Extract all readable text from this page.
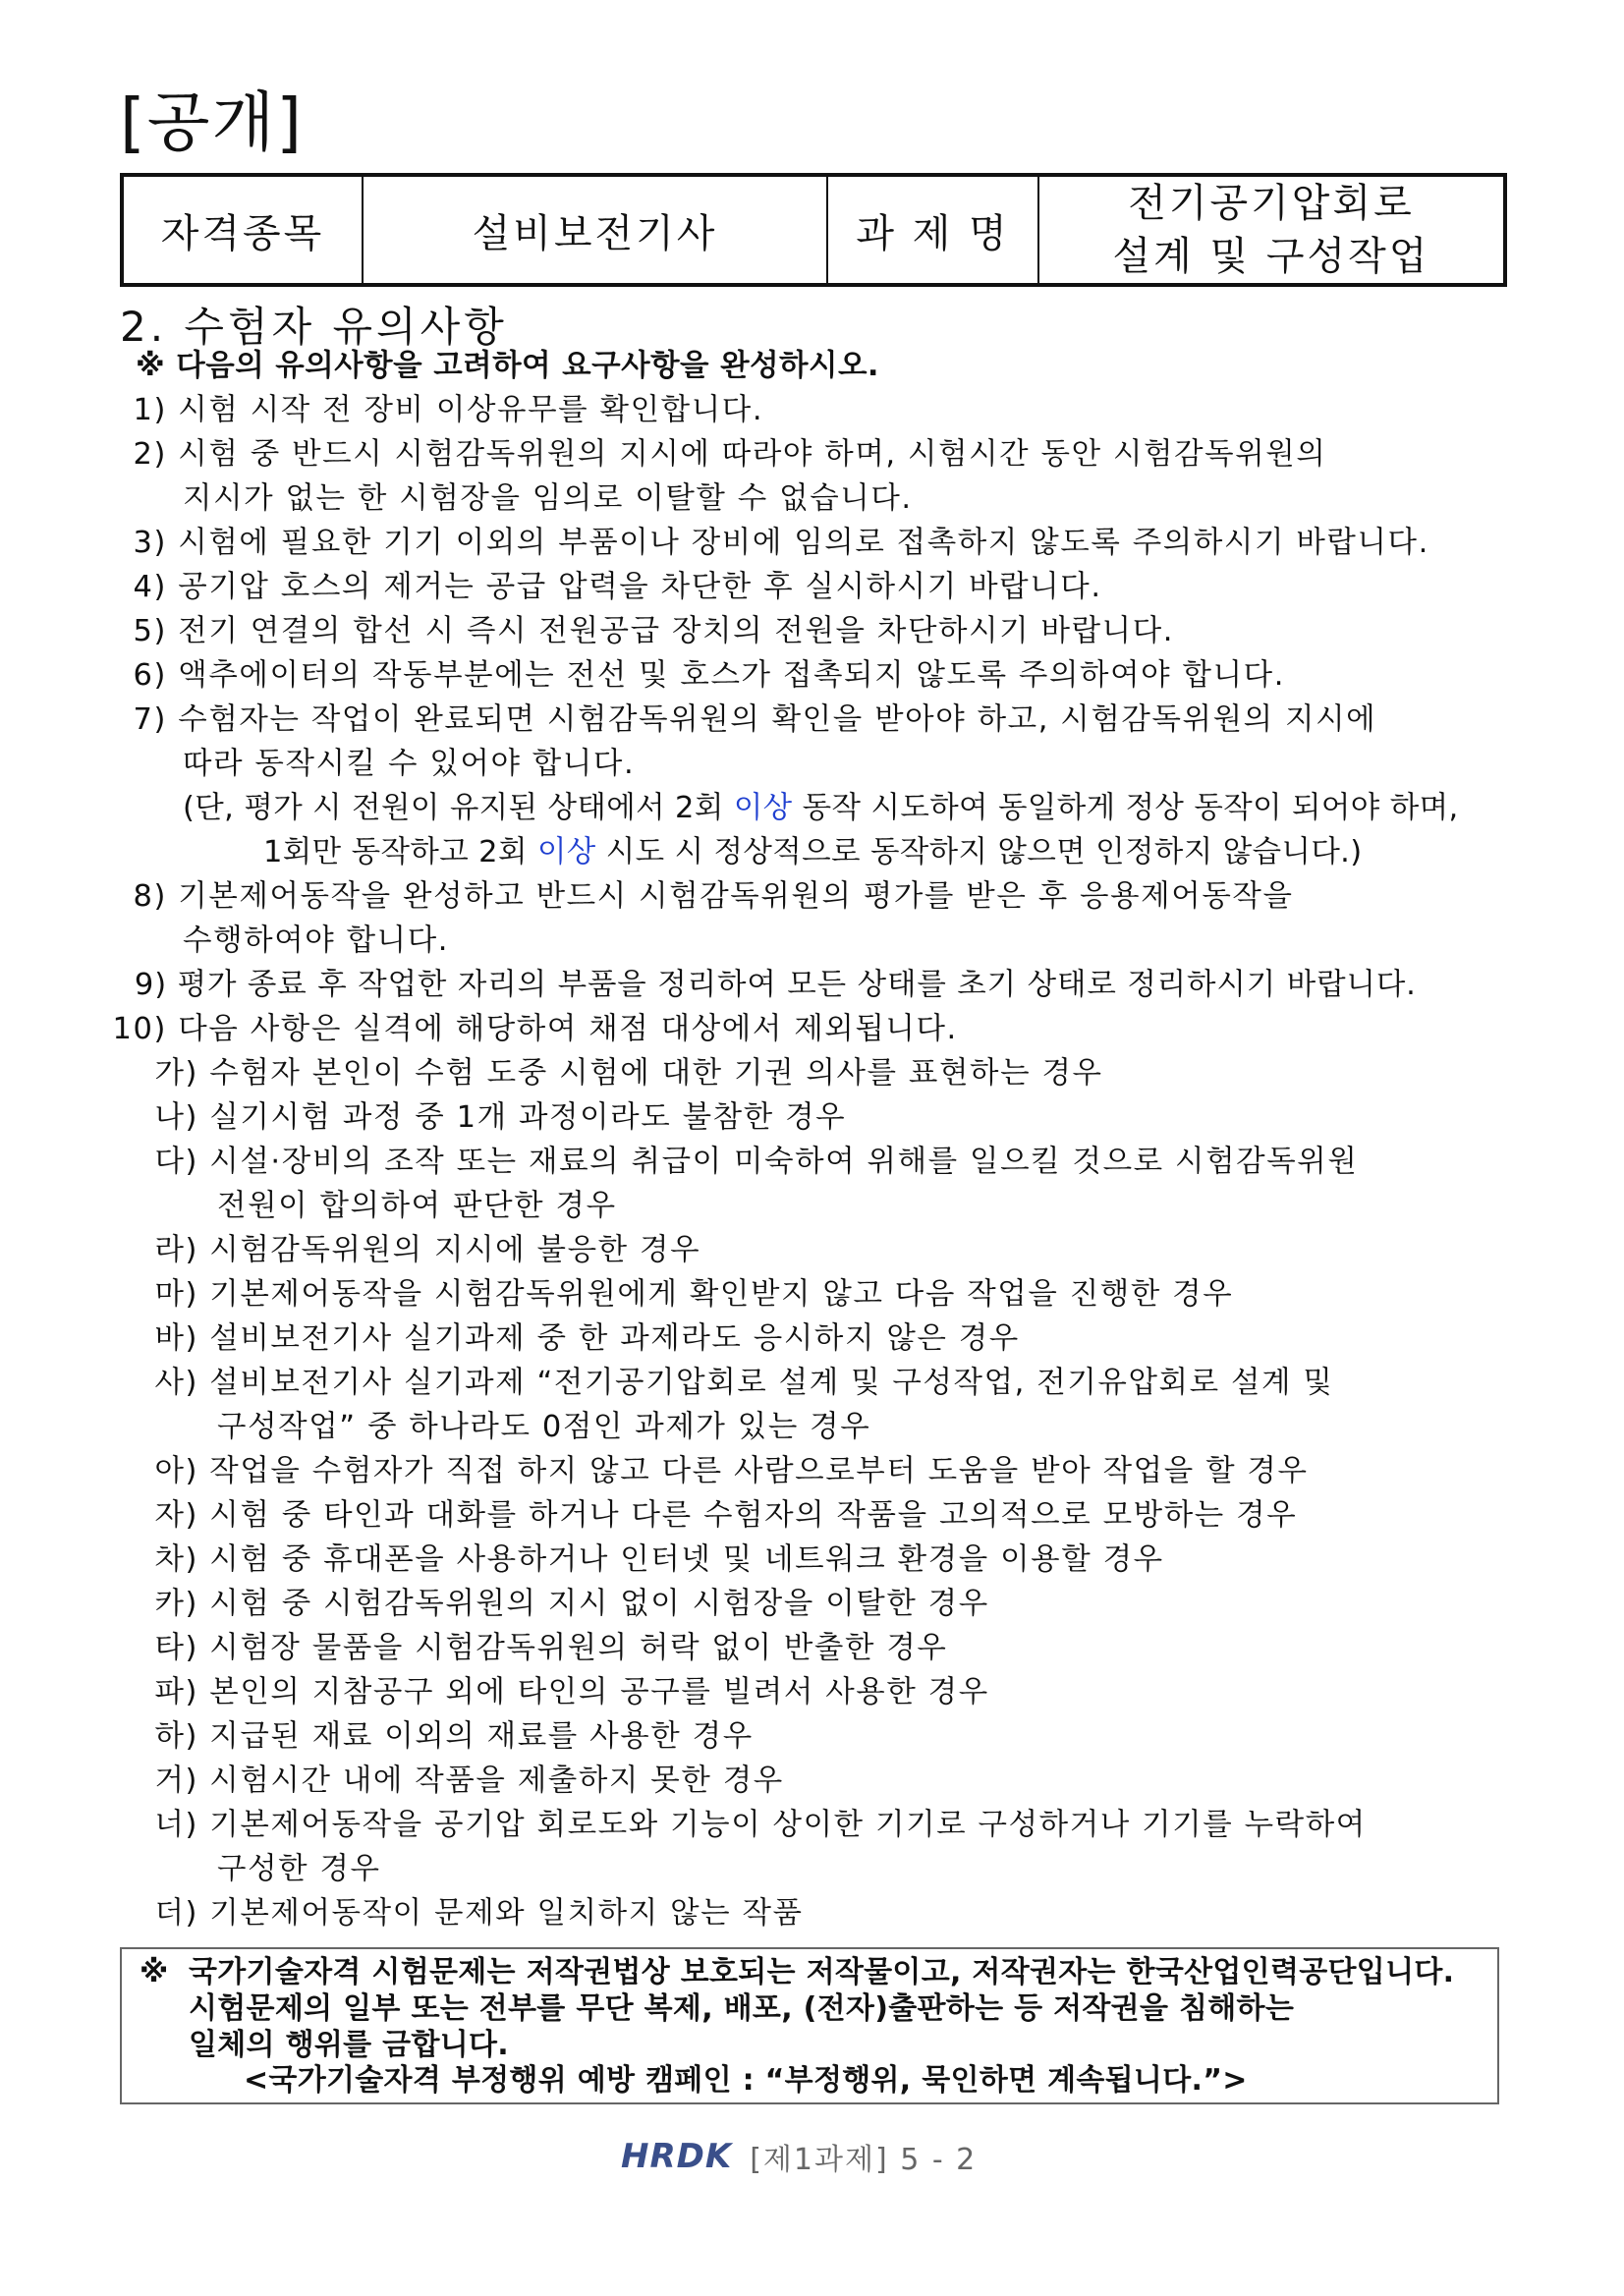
[공개]
자격종목	설비보전기사	과 제 명	
전기공기압회로
설계 및 구성작업
2. 수험자 유의사항
※ 다음의 유의사항을 고려하여 요구사항을 완성하시오.
1) 시험 시작 전 장비 이상유무를 확인합니다.
2) 시험 중 반드시 시험감독위원의 지시에 따라야 하며, 시험시간 동안 시험감독위원의
지시가 없는 한 시험장을 임의로 이탈할 수 없습니다.
3) 시험에 필요한 기기 이외의 부품이나 장비에 임의로 접촉하지 않도록 주의하시기 바랍니다.
4) 공기압 호스의 제거는 공급 압력을 차단한 후 실시하시기 바랍니다.
5) 전기 연결의 합선 시 즉시 전원공급 장치의 전원을 차단하시기 바랍니다.
6) 액추에이터의 작동부분에는 전선 및 호스가 접촉되지 않도록 주의하여야 합니다.
7) 수험자는 작업이 완료되면 시험감독위원의 확인을 받아야 하고, 시험감독위원의 지시에
따라 동작시킬 수 있어야 합니다.
(단, 평가 시 전원이 유지된 상태에서 2회 이상 동작 시도하여 동일하게 정상 동작이 되어야 하며,
1회만 동작하고 2회 이상 시도 시 정상적으로 동작하지 않으면 인정하지 않습니다.)
8) 기본제어동작을 완성하고 반드시 시험감독위원의 평가를 받은 후 응용제어동작을
수행하여야 합니다.
9) 평가 종료 후 작업한 자리의 부품을 정리하여 모든 상태를 초기 상태로 정리하시기 바랍니다.
10) 다음 사항은 실격에 해당하여 채점 대상에서 제외됩니다.
가) 수험자 본인이 수험 도중 시험에 대한 기권 의사를 표현하는 경우
나) 실기시험 과정 중 1개 과정이라도 불참한 경우
다) 시설·장비의 조작 또는 재료의 취급이 미숙하여 위해를 일으킬 것으로 시험감독위원
전원이 합의하여 판단한 경우
라) 시험감독위원의 지시에 불응한 경우
마) 기본제어동작을 시험감독위원에게 확인받지 않고 다음 작업을 진행한 경우
바) 설비보전기사 실기과제 중 한 과제라도 응시하지 않은 경우
사) 설비보전기사 실기과제 “전기공기압회로 설계 및 구성작업, 전기유압회로 설계 및
구성작업” 중 하나라도 0점인 과제가 있는 경우
아) 작업을 수험자가 직접 하지 않고 다른 사람으로부터 도움을 받아 작업을 할 경우
자) 시험 중 타인과 대화를 하거나 다른 수험자의 작품을 고의적으로 모방하는 경우
차) 시험 중 휴대폰을 사용하거나 인터넷 및 네트워크 환경을 이용할 경우
카) 시험 중 시험감독위원의 지시 없이 시험장을 이탈한 경우
타) 시험장 물품을 시험감독위원의 허락 없이 반출한 경우
파) 본인의 지참공구 외에 타인의 공구를 빌려서 사용한 경우
하) 지급된 재료 이외의 재료를 사용한 경우
거) 시험시간 내에 작품을 제출하지 못한 경우
너) 기본제어동작을 공기압 회로도와 기능이 상이한 기기로 구성하거나 기기를 누락하여
구성한 경우
더) 기본제어동작이 문제와 일치하지 않는 작품
※ 국가기술자격 시험문제는 저작권법상 보호되는 저작물이고, 저작권자는 한국산업인력공단입니다.
시험문제의 일부 또는 전부를 무단 복제, 배포, (전자)출판하는 등 저작권을 침해하는
일체의 행위를 금합니다.
<국가기술자격 부정행위 예방 캠페인 : “부정행위, 묵인하면 계속됩니다.”>
HRDK [제1과제] 5 - 2
